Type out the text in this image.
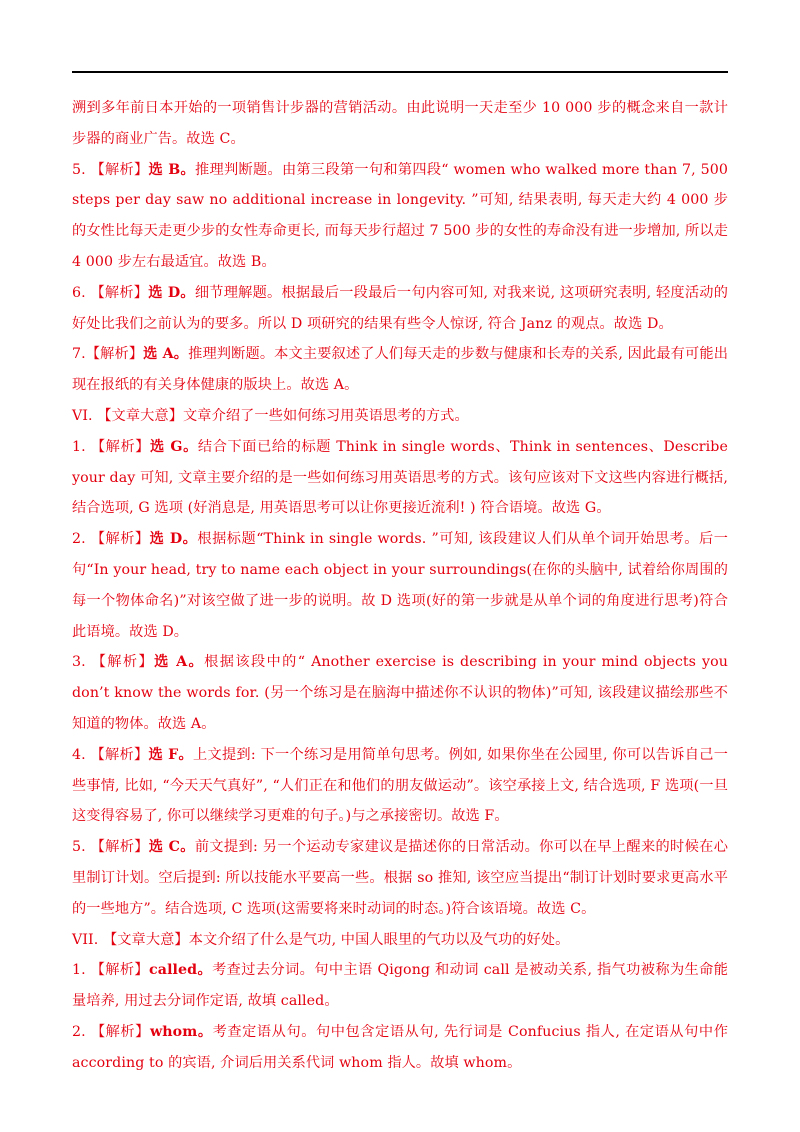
溯到多年前日本开始的一项销售计步器的营销活动。由此说明一天走至少 10 000 步的概念来自一款计步器的商业广告。故选 C。

5. 【解析】选 B。推理判断题。由第三段第一句和第四段“ women who walked more than 7, 500 steps per day saw no additional increase in longevity. ”可知, 结果表明, 每天走大约 4 000 步的女性比每天走更少步的女性寿命更长, 而每天步行超过 7 500 步的女性的寿命没有进一步增加, 所以走 4 000 步左右最适宜。故选 B。

6. 【解析】选 D。细节理解题。根据最后一段最后一句内容可知, 对我来说, 这项研究表明, 轻度活动的好处比我们之前认为的要多。所以 D 项研究的结果有些令人惊讶, 符合 Janz 的观点。故选 D。

7.【解析】选 A。推理判断题。本文主要叙述了人们每天走的步数与健康和长寿的关系, 因此最有可能出现在报纸的有关身体健康的版块上。故选 A。

VI. 【文章大意】文章介绍了一些如何练习用英语思考的方式。

1. 【解析】选 G。结合下面已给的标题 Think in single words、Think in sentences、Describe your day 可知, 文章主要介绍的是一些如何练习用英语思考的方式。该句应该对下文这些内容进行概括, 结合选项, G 选项 (好消息是, 用英语思考可以让你更接近流利! ) 符合语境。故选 G。

2. 【解析】选 D。根据标题“Think in single words. ”可知, 该段建议人们从单个词开始思考。后一句“In your head, try to name each object in your surroundings(在你的头脑中, 试着给你周围的每一个物体命名)”对该空做了进一步的说明。故 D 选项(好的第一步就是从单个词的角度进行思考)符合此语境。故选 D。

3. 【解析】选 A。根据该段中的“ Another exercise is describing in your mind objects you don’t know the words for. (另一个练习是在脑海中描述你不认识的物体)”可知, 该段建议描绘那些不知道的物体。故选 A。

4. 【解析】选 F。上文提到: 下一个练习是用简单句思考。例如, 如果你坐在公园里, 你可以告诉自己一些事情, 比如, “今天天气真好”, “人们正在和他们的朋友做运动”。该空承接上文, 结合选项, F 选项(一旦这变得容易了, 你可以继续学习更难的句子。)与之承接密切。故选 F。

5. 【解析】选 C。前文提到: 另一个运动专家建议是描述你的日常活动。你可以在早上醒来的时候在心里制订计划。空后提到: 所以技能水平要高一些。根据 so 推知, 该空应当提出“制订计划时要求更高水平的一些地方”。结合选项, C 选项(这需要将来时动词的时态。)符合该语境。故选 C。

VII. 【文章大意】本文介绍了什么是气功, 中国人眼里的气功以及气功的好处。

1. 【解析】called。考查过去分词。句中主语 Qigong 和动词 call 是被动关系, 指气功被称为生命能量培养, 用过去分词作定语, 故填 called。

2. 【解析】whom。考查定语从句。句中包含定语从句, 先行词是 Confucius 指人, 在定语从句中作 according to 的宾语, 介词后用关系代词 whom 指人。故填 whom。
